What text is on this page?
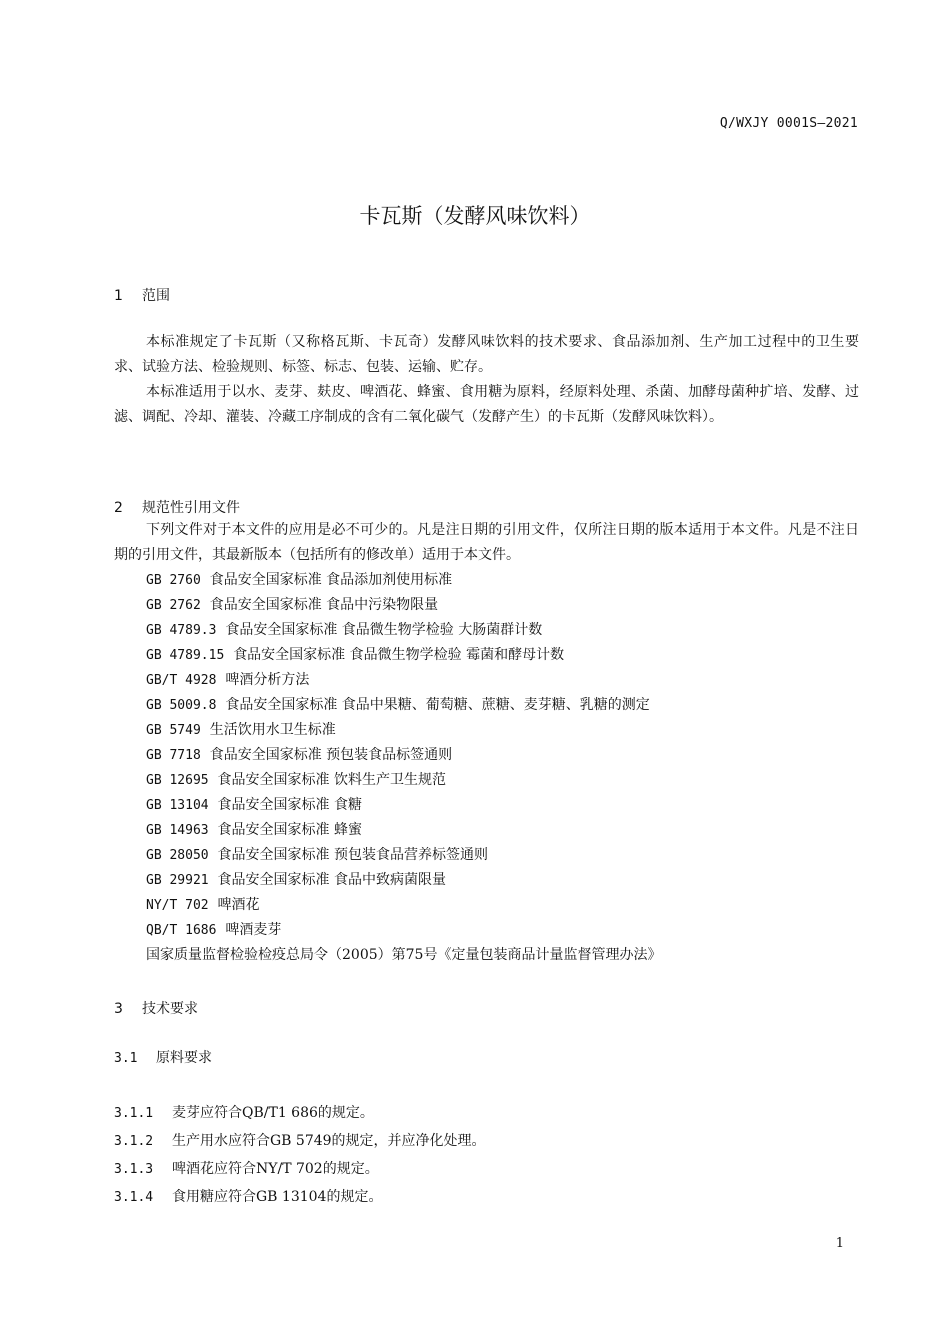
Q/WXJY 0001S—2021
卡瓦斯（发酵风味饮料）
1 范围
本标准规定了卡瓦斯（又称格瓦斯、卡瓦奇）发酵风味饮料的技术要求、食品添加剂、生产加工过程中的卫生要求、试验方法、检验规则、标签、标志、包装、运输、贮存。
本标准适用于以水、麦芽、麸皮、啤酒花、蜂蜜、食用糖为原料，经原料处理、杀菌、加酵母菌种扩培、发酵、过滤、调配、冷却、灌装、冷藏工序制成的含有二氧化碳气（发酵产生）的卡瓦斯（发酵风味饮料）。
2 规范性引用文件
下列文件对于本文件的应用是必不可少的。凡是注日期的引用文件，仅所注日期的版本适用于本文件。凡是不注日期的引用文件，其最新版本（包括所有的修改单）适用于本文件。
GB 2760 食品安全国家标准 食品添加剂使用标准
GB 2762 食品安全国家标准 食品中污染物限量
GB 4789.3 食品安全国家标准 食品微生物学检验 大肠菌群计数
GB 4789.15 食品安全国家标准 食品微生物学检验 霉菌和酵母计数
GB/T 4928 啤酒分析方法
GB 5009.8 食品安全国家标准 食品中果糖、葡萄糖、蔗糖、麦芽糖、乳糖的测定
GB 5749 生活饮用水卫生标准
GB 7718 食品安全国家标准 预包装食品标签通则
GB 12695 食品安全国家标准 饮料生产卫生规范
GB 13104 食品安全国家标准 食糖
GB 14963 食品安全国家标准 蜂蜜
GB 28050 食品安全国家标准 预包装食品营养标签通则
GB 29921 食品安全国家标准 食品中致病菌限量
NY/T 702 啤酒花
QB/T 1686 啤酒麦芽
国家质量监督检验检疫总局令（2005）第75号《定量包装商品计量监督管理办法》
3 技术要求
3.1 原料要求
3.1.1 麦芽应符合QB/T1 686的规定。
3.1.2 生产用水应符合GB 5749的规定，并应净化处理。
3.1.3 啤酒花应符合NY/T 702的规定。
3.1.4 食用糖应符合GB 13104的规定。
1
